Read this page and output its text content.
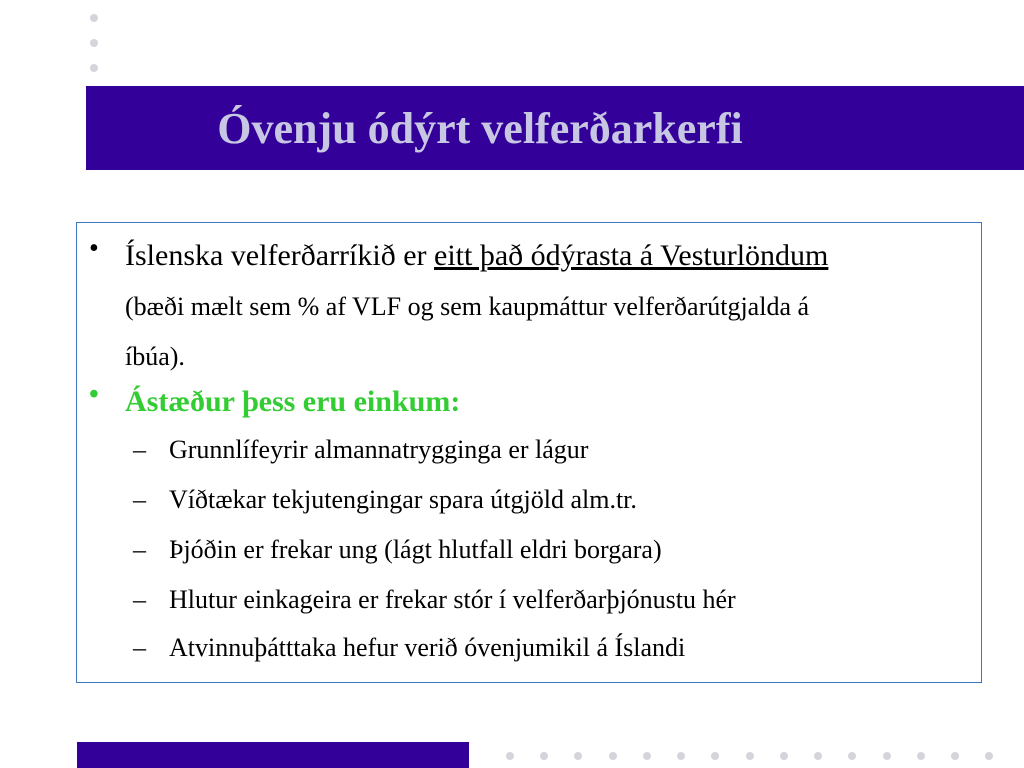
Óvenju ódýrt velferðarkerfi
• Íslenska velferðarríkið er eitt það ódýrasta á Vesturlöndum (bæði mælt sem % af VLF og sem kaupmáttur velferðarútgjalda á íbúa).
• Ástæður þess eru einkum:
– Grunnlífeyrir almannatrygginga er lágur
– Víðtækar tekjutengingar spara útgjöld alm.tr.
– Þjóðin er frekar ung (lágt hlutfall eldri borgara)
– Hlutur einkageira er frekar stór í velferðarþjónustu hér
– Atvinnuþátttaka hefur verið óvenjumikil á Íslandi
